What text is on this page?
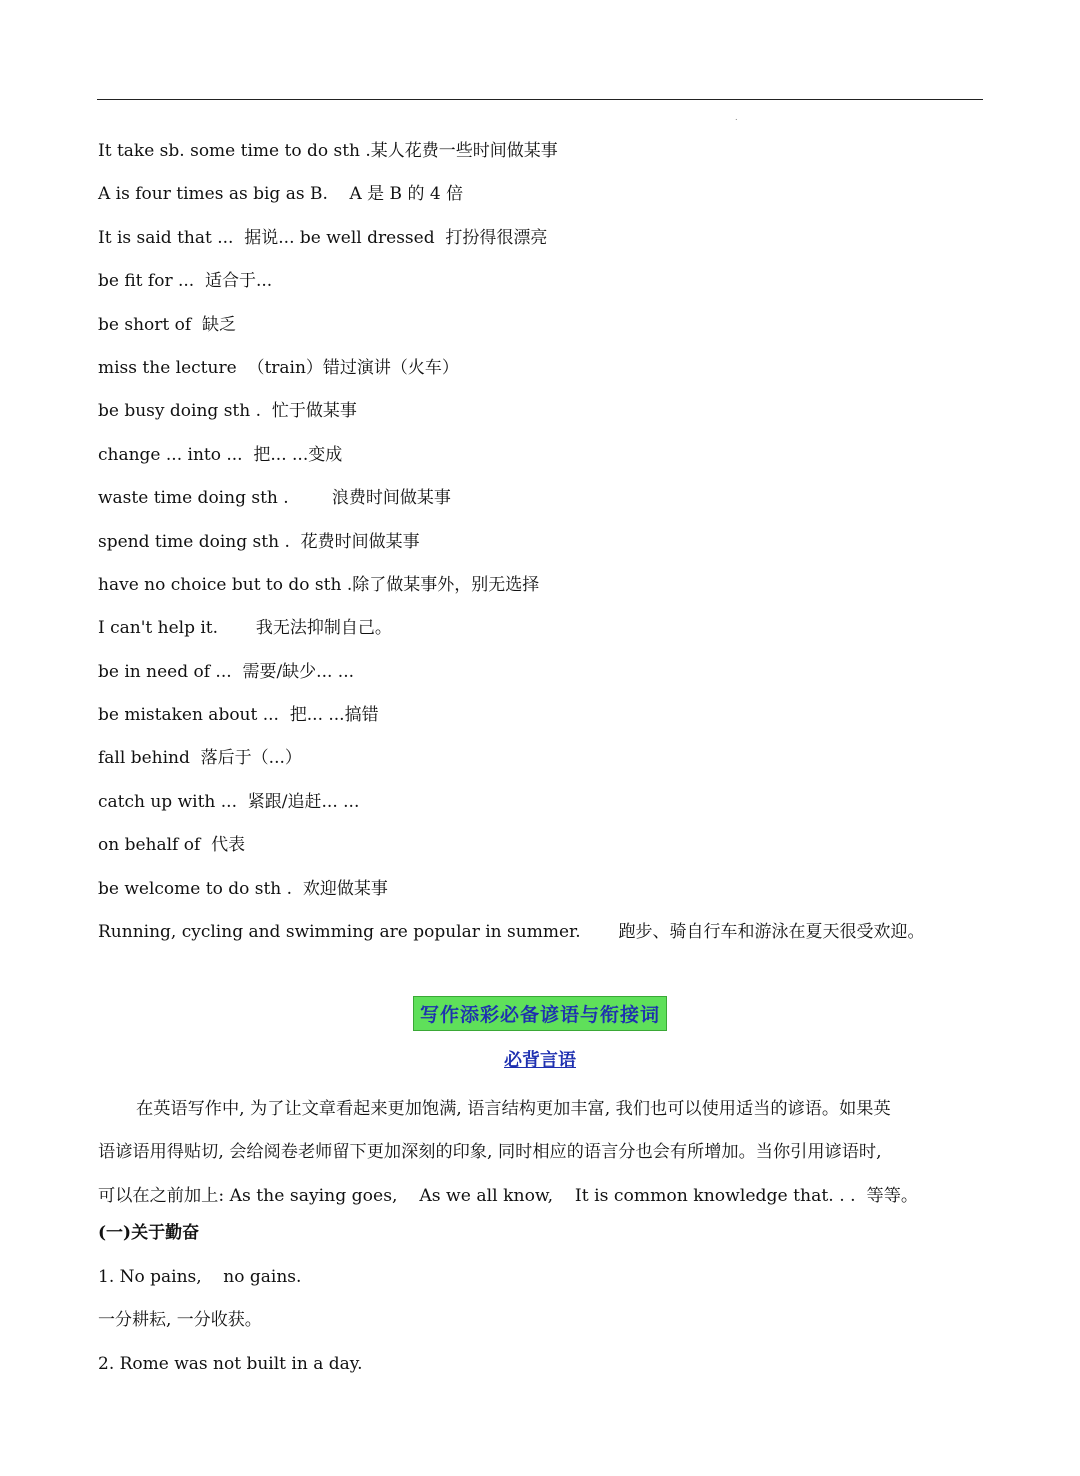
.
It take sb. some time to do sth .某人花费一些时间做某事
A is four times as big as B.    A 是 B 的 4 倍
It is said that ...  据说... be well dressed  打扮得很漂亮
be fit for ...  适合于...
be short of  缺乏
miss the lecture  （train）错过演讲（火车）
be busy doing sth .  忙于做某事
change ... into ...  把... ...变成
waste time doing sth .        浪费时间做某事
spend time doing sth .  花费时间做某事
have no choice but to do sth .除了做某事外，别无选择
I can't help it.       我无法抑制自己。
be in need of ...  需要/缺少... ...
be mistaken about ...  把... ...搞错
fall behind  落后于（...）
catch up with ...  紧跟/追赶... ...
on behalf of  代表
be welcome to do sth .  欢迎做某事
Running, cycling and swimming are popular in summer.       跑步、骑自行车和游泳在夏天很受欢迎。
写作添彩必备谚语与衔接词
必背言语
在英语写作中, 为了让文章看起来更加饱满, 语言结构更加丰富, 我们也可以使用适当的谚语。如果英
语谚语用得贴切, 会给阅卷老师留下更加深刻的印象, 同时相应的语言分也会有所增加。当你引用谚语时,
可以在之前加上: As the saying goes,    As we all know,    It is common knowledge that. . .  等等。
(一)关于勤奋
1. No pains,    no gains.
一分耕耘, 一分收获。
2. Rome was not built in a day.
